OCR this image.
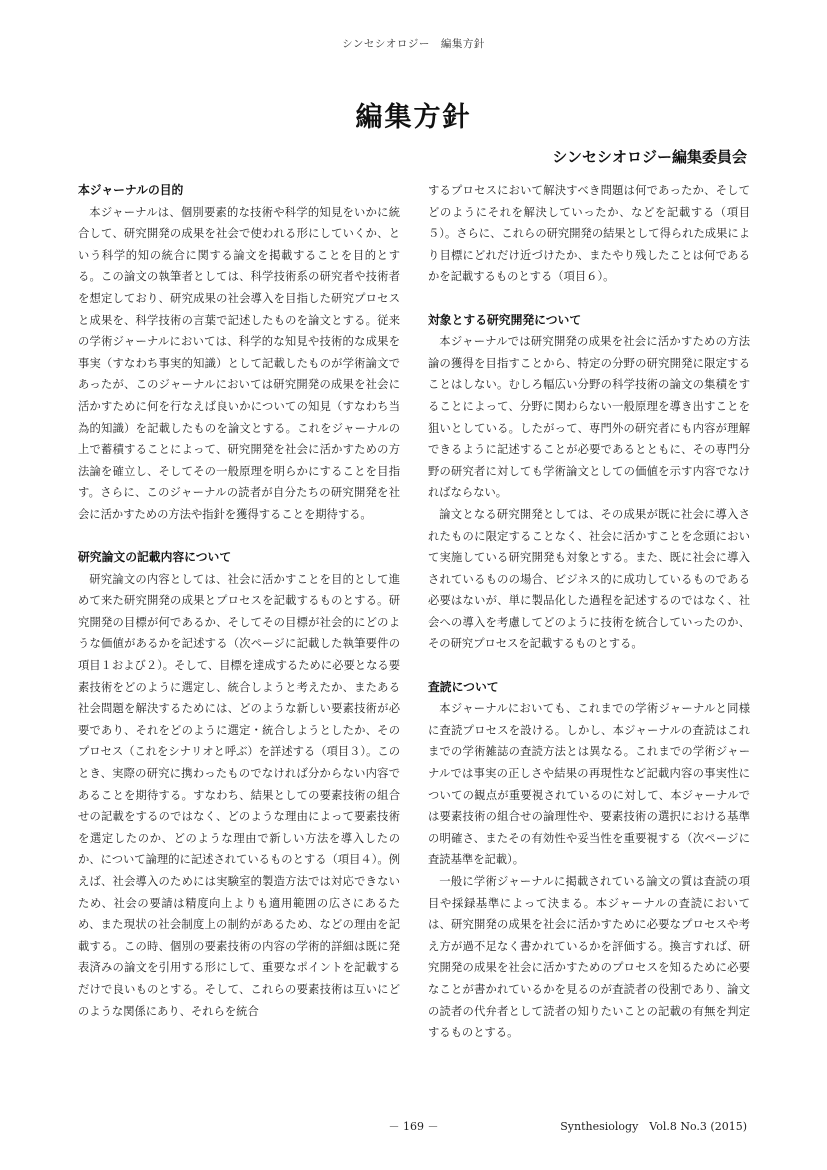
シンセシオロジー　編集方針
編集方針
シンセシオロジー編集委員会
本ジャーナルの目的

本ジャーナルは、個別要素的な技術や科学的知見をいかに統合して、研究開発の成果を社会で使われる形にしていくか、という科学的知の統合に関する論文を掲載することを目的とする。この論文の執筆者としては、科学技術系の研究者や技術者を想定しており、研究成果の社会導入を目指した研究プロセスと成果を、科学技術の言葉で記述したものを論文とする。従来の学術ジャーナルにおいては、科学的な知見や技術的な成果を事実（すなわち事実的知識）として記載したものが学術論文であったが、このジャーナルにおいては研究開発の成果を社会に活かすために何を行なえば良いかについての知見（すなわち当為的知識）を記載したものを論文とする。これをジャーナルの上で蓄積することによって、研究開発を社会に活かすための方法論を確立し、そしてその一般原理を明らかにすることを目指す。さらに、このジャーナルの読者が自分たちの研究開発を社会に活かすための方法や指針を獲得することを期待する。

研究論文の記載内容について

研究論文の内容としては、社会に活かすことを目的として進めて来た研究開発の成果とプロセスを記載するものとする。研究開発の目標が何であるか、そしてその目標が社会的にどのような価値があるかを記述する（次ページに記載した執筆要件の項目１および２）。そして、目標を達成するために必要となる要素技術をどのように選定し、統合しようと考えたか、またある社会問題を解決するためには、どのような新しい要素技術が必要であり、それをどのように選定・統合しようとしたか、そのプロセス（これをシナリオと呼ぶ）を詳述する（項目３）。このとき、実際の研究に携わったものでなければ分からない内容であることを期待する。すなわち、結果としての要素技術の組合せの記載をするのではなく、どのような理由によって要素技術を選定したのか、どのような理由で新しい方法を導入したのか、について論理的に記述されているものとする（項目４）。例えば、社会導入のためには実験室的製造方法では対応できないため、社会の要請は精度向上よりも適用範囲の広さにあるため、また現状の社会制度上の制約があるため、などの理由を記載する。この時、個別の要素技術の内容の学術的詳細は既に発表済みの論文を引用する形にして、重要なポイントを記載するだけで良いものとする。そして、これらの要素技術は互いにどのような関係にあり、それらを統合

するプロセスにおいて解決すべき問題は何であったか、そしてどのようにそれを解決していったか、などを記載する（項目５）。さらに、これらの研究開発の結果として得られた成果により目標にどれだけ近づけたか、またやり残したことは何であるかを記載するものとする（項目６）。

対象とする研究開発について

本ジャーナルでは研究開発の成果を社会に活かすための方法論の獲得を目指すことから、特定の分野の研究開発に限定することはしない。むしろ幅広い分野の科学技術の論文の集積をすることによって、分野に関わらない一般原理を導き出すことを狙いとしている。したがって、専門外の研究者にも内容が理解できるように記述することが必要であるとともに、その専門分野の研究者に対しても学術論文としての価値を示す内容でなければならない。

論文となる研究開発としては、その成果が既に社会に導入されたものに限定することなく、社会に活かすことを念頭において実施している研究開発も対象とする。また、既に社会に導入されているものの場合、ビジネス的に成功しているものである必要はないが、単に製品化した過程を記述するのではなく、社会への導入を考慮してどのように技術を統合していったのか、その研究プロセスを記載するものとする。

査読について

本ジャーナルにおいても、これまでの学術ジャーナルと同様に査読プロセスを設ける。しかし、本ジャーナルの査読はこれまでの学術雑誌の査読方法とは異なる。これまでの学術ジャーナルでは事実の正しさや結果の再現性など記載内容の事実性についての観点が重要視されているのに対して、本ジャーナルでは要素技術の組合せの論理性や、要素技術の選択における基準の明確さ、またその有効性や妥当性を重要視する（次ページに査読基準を記載）。

一般に学術ジャーナルに掲載されている論文の質は査読の項目や採録基準によって決まる。本ジャーナルの査読においては、研究開発の成果を社会に活かすために必要なプロセスや考え方が過不足なく書かれているかを評価する。換言すれば、研究開発の成果を社会に活かすためのプロセスを知るために必要なことが書かれているかを見るのが査読者の役割であり、論文の読者の代弁者として読者の知りたいことの記載の有無を判定するものとする。

－ 169 －	Synthesiology　Vol.8 No.3 (2015)
